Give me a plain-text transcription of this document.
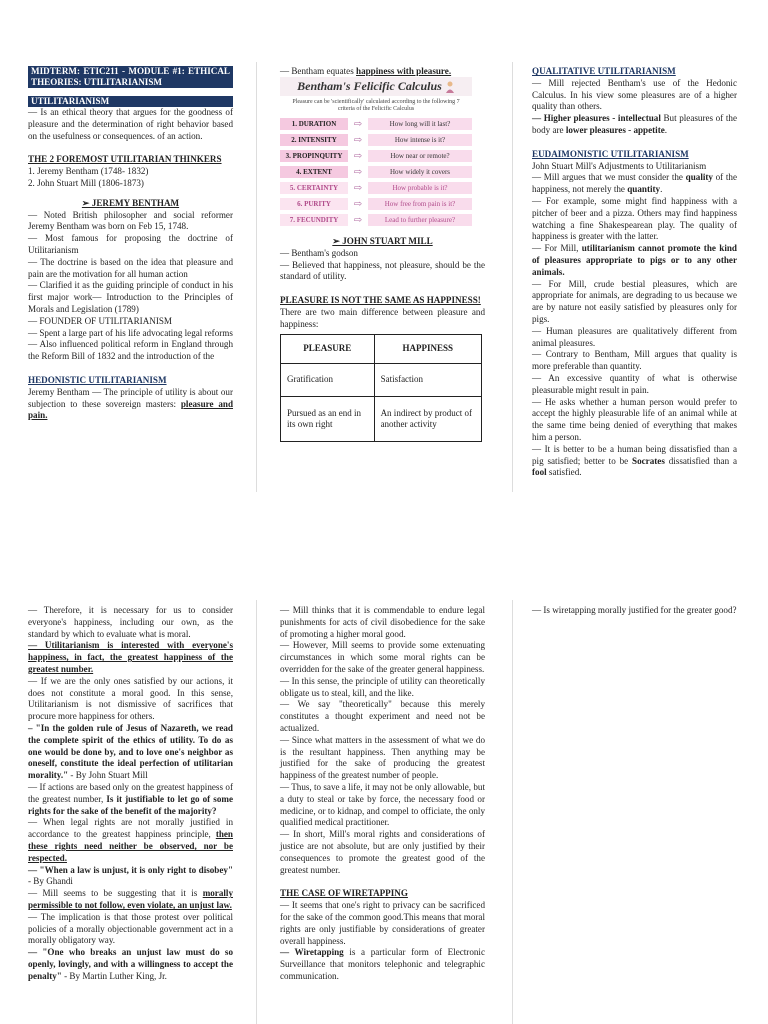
MIDTERM: ETIC211 - MODULE #1: ETHICAL THEORIES: UTILITARIANISM

UTILITARIANISM

— Is an ethical theory that argues for the goodness of pleasure and the determination of right behavior based on the usefulness or consequences. of an action.

THE 2 FOREMOST UTILITARIAN THINKERS

1. Jeremy Bentham (1748- 1832)

2. John Stuart Mill (1806-1873)

➢ JEREMY BENTHAM

— Noted British philosopher and social reformer Jeremy Bentham was born on Feb 15, 1748.

— Most famous for proposing the doctrine of Utilitarianism

— The doctrine is based on the idea that pleasure and pain are the motivation for all human action

— Clarified it as the guiding principle of conduct in his first major work— Introduction to the Principles of Morals and Legislation (1789)

— FOUNDER OF UTILITARIANISM

— Spent a large part of his life advocating legal reforms

— Also influenced political reform in England through the Reform Bill of 1832 and the introduction of the

HEDONISTIC UTILITARIANISM

Jeremy Bentham — The principle of utility is about our subjection to these sovereign masters: pleasure and pain.

— Bentham equates happiness with pleasure.

Bentham's Felicific Calculus

Pleasure can be 'scientifically' calculated according to the following 7 criteria of the Felicific Calculus

1. DURATION	⇨	How long will it last?
2. INTENSITY	⇨	How intense is it?
3. PROPINQUITY	⇨	How near or remote?
4. EXTENT	⇨	How widely it covers
5. CERTAINTY	⇨	How probable is it?
6. PURITY	⇨	How free from pain is it?
7. FECUNDITY	⇨	Lead to further pleasure?

➢ JOHN STUART MILL

— Bentham's godson

— Believed that happiness, not pleasure, should be the standard of utility.

PLEASURE IS NOT THE SAME AS HAPPINESS!

There are two main difference between pleasure and happiness:

PLEASURE	HAPPINESS
Gratification	Satisfaction
Pursued as an end in its own right	An indirect by product of another activity

QUALITATIVE UTILITARIANISM

— Mill rejected Bentham's use of the Hedonic Calculus. In his view some pleasures are of a higher quality than others.

— Higher pleasures - intellectual But pleasures of the body are lower pleasures - appetite.

EUDAIMONISTIC UTILITARIANISM

John Stuart Mill's Adjustments to Utilitarianism

— Mill argues that we must consider the quality of the happiness, not merely the quantity.

— For example, some might find happiness with a pitcher of beer and a pizza. Others may find happiness watching a fine Shakespearean play. The quality of happiness is greater with the latter.

— For Mill, utilitarianism cannot promote the kind of pleasures appropriate to pigs or to any other animals.

— For Mill, crude bestial pleasures, which are appropriate for animals, are degrading to us because we are by nature not easily satisfied by pleasures only for pigs.

— Human pleasures are qualitatively different from animal pleasures.

— Contrary to Bentham, Mill argues that quality is more preferable than quantity.

— An excessive quantity of what is otherwise pleasurable might result in pain.

— He asks whether a human person would prefer to accept the highly pleasurable life of an animal while at the same time being denied of everything that makes him a person.

— It is better to be a human being dissatisfied than a pig satisfied; better to be Socrates dissatisfied than a fool satisfied.

— Therefore, it is necessary for us to consider everyone's happiness, including our own, as the standard by which to evaluate what is moral.

— Utilitarianism is interested with everyone's happiness, in fact, the greatest happiness of the greatest number.

— If we are the only ones satisfied by our actions, it does not constitute a moral good. In this sense, Utilitarianism is not dismissive of sacrifices that procure more happiness for others.

– "In the golden rule of Jesus of Nazareth, we read the complete spirit of the ethics of utility. To do as one would be done by, and to love one's neighbor as oneself, constitute the ideal perfection of utilitarian morality." - By John Stuart Mill

— If actions are based only on the greatest happiness of the greatest number, Is it justifiable to let go of some rights for the sake of the benefit of the majority?

— When legal rights are not morally justified in accordance to the greatest happiness principle, then these rights need neither be observed, nor be respected.

— "When a law is unjust, it is only right to disobey" - By Ghandi

— Mill seems to be suggesting that it is morally permissible to not follow, even violate, an unjust law.

— The implication is that those protest over political policies of a morally objectionable government act in a morally obligatory way.

— "One who breaks an unjust law must do so openly, lovingly, and with a willingness to accept the penalty" - By Martin Luther King, Jr.

— Mill thinks that it is commendable to endure legal punishments for acts of civil disobedience for the sake of promoting a higher moral good.

— However, Mill seems to provide some extenuating circumstances in which some moral rights can be overridden for the sake of the greater general happiness.

— In this sense, the principle of utility can theoretically obligate us to steal, kill, and the like.

— We say "theoretically" because this merely constitutes a thought experiment and need not be actualized.

— Since what matters in the assessment of what we do is the resultant happiness. Then anything may be justified for the sake of producing the greatest happiness of the greatest number of people.

— Thus, to save a life, it may not be only allowable, but a duty to steal or take by force, the necessary food or medicine, or to kidnap, and compel to officiate, the only qualified medical practitioner.

— In short, Mill's moral rights and considerations of justice are not absolute, but are only justified by their consequences to promote the greatest good of the greatest number.

THE CASE OF WIRETAPPING

— It seems that one's right to privacy can be sacrificed for the sake of the common good.This means that moral rights are only justifiable by considerations of greater overall happiness.

— Wiretapping is a particular form of Electronic Surveillance that monitors telephonic and telegraphic communication.

— Is wiretapping morally justified for the greater good?
